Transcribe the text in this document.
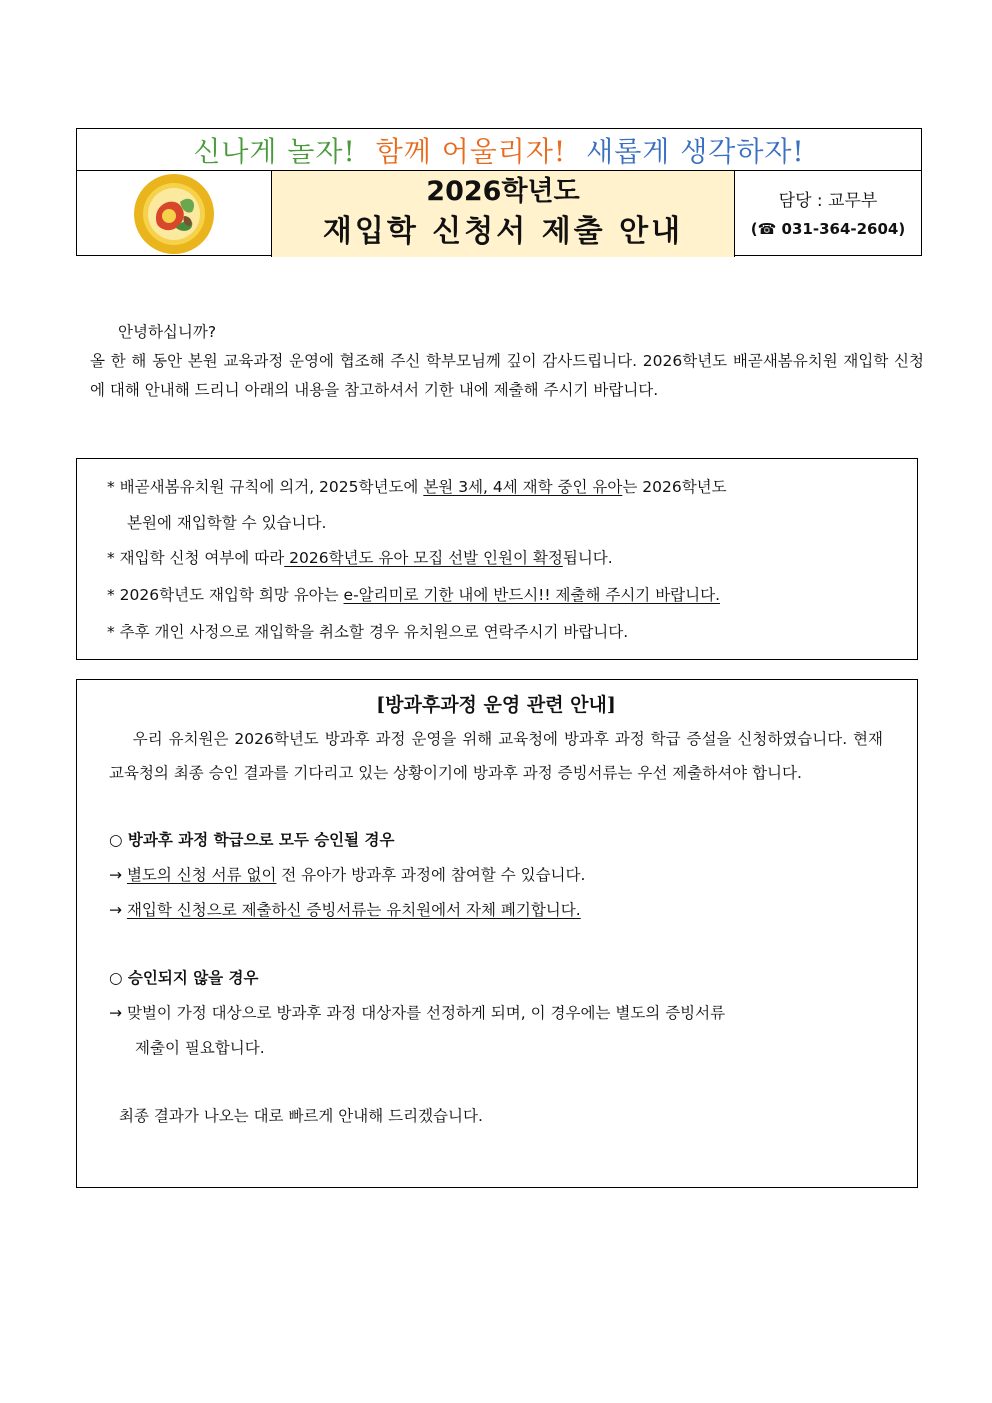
신나게 놀자! 함께 어울리자! 새롭게 생각하자!
2026학년도
재입학 신청서 제출 안내
담당 : 교무부
(☎ 031-364-2604)

안녕하십니까?

올 한 해 동안 본원 교육과정 운영에 협조해 주신 학부모님께 깊이 감사드립니다. 2026학년도 배곧새봄유치원 재입학 신청에 대해 안내해 드리니 아래의 내용을 참고하셔서 기한 내에 제출해 주시기 바랍니다.

* 배곧새봄유치원 규칙에 의거, 2025학년도에 본원 3세, 4세 재학 중인 유아는 2026학년도
본원에 재입학할 수 있습니다.
* 재입학 신청 여부에 따라 2026학년도 유아 모집 선발 인원이 확정됩니다.
* 2026학년도 재입학 희망 유아는 e-알리미로 기한 내에 반드시!! 제출해 주시기 바랍니다.
* 추후 개인 사정으로 재입학을 취소할 경우 유치원으로 연락주시기 바랍니다.
[방과후과정 운영 관련 안내]

우리 유치원은 2026학년도 방과후 과정 운영을 위해 교육청에 방과후 과정 학급 증설을 신청하였습니다. 현재 교육청의 최종 승인 결과를 기다리고 있는 상황이기에 방과후 과정 증빙서류는 우선 제출하셔야 합니다.

○ 방과후 과정 학급으로 모두 승인될 경우
→ 별도의 신청 서류 없이 전 유아가 방과후 과정에 참여할 수 있습니다.
→ 재입학 신청으로 제출하신 증빙서류는 유치원에서 자체 폐기합니다.
○ 승인되지 않을 경우
→ 맞벌이 가정 대상으로 방과후 과정 대상자를 선정하게 되며, 이 경우에는 별도의 증빙서류
제출이 필요합니다.
최종 결과가 나오는 대로 빠르게 안내해 드리겠습니다.
